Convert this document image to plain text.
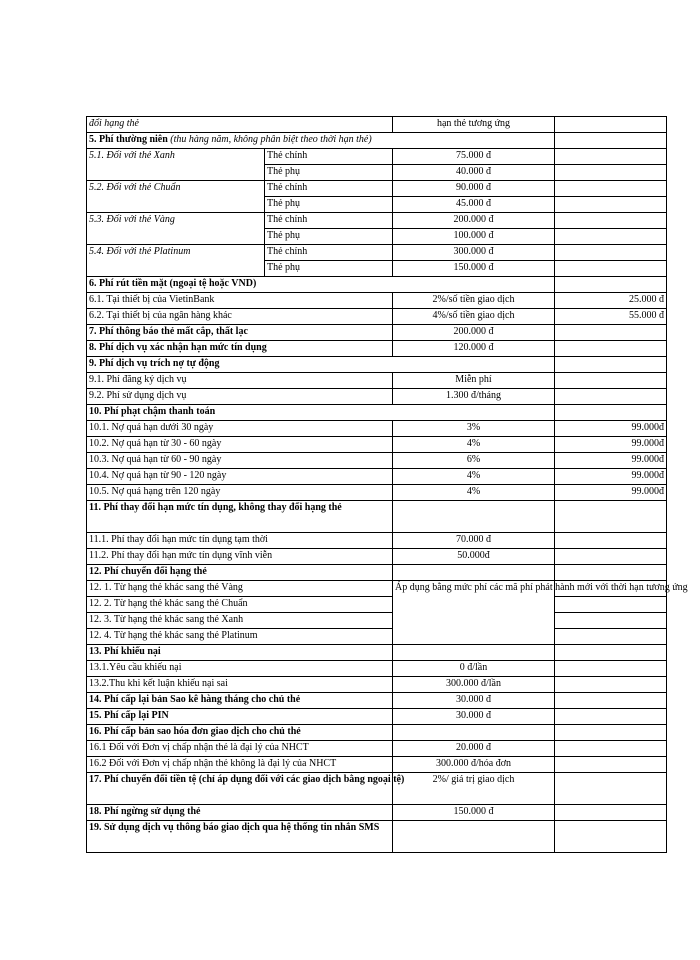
đổi hạng thẻ		hạn thẻ tương ứng	
5. Phí thường niên (thu hàng năm, không phân biệt theo thời hạn thẻ)			
5.1. Đối với thẻ Xanh	Thẻ chính	75.000 đ	
	Thẻ phụ	40.000 đ	
5.2. Đối với thẻ Chuẩn	Thẻ chính	90.000 đ	
	Thẻ phụ	45.000 đ	
5.3. Đối với thẻ Vàng	Thẻ chính	200.000 đ	
	Thẻ phụ	100.000 đ	
5.4. Đối với thẻ Platinum	Thẻ chính	300.000 đ	
	Thẻ phụ	150.000 đ	
6. Phí rút tiền mặt (ngoại tệ hoặc VND)			
6.1. Tại thiết bị của VietinBank		2%/số tiền giao dịch	25.000 đ
6.2. Tại thiết bị của ngân hàng khác		4%/số tiền giao dịch	55.000 đ
7. Phí thông báo thẻ mất cắp, thất lạc		200.000 đ	
8. Phí dịch vụ xác nhận hạn mức tín dụng		120.000 đ	
9. Phí dịch vụ trích nợ tự động			
9.1. Phí đăng ký dịch vụ		Miễn phí	
9.2. Phí sử dụng dịch vụ		1.300 đ/tháng	
10. Phí phạt chậm thanh toán			
10.1. Nợ quá hạn dưới 30 ngày		3%	99.000đ
10.2. Nợ quá hạn từ 30 - 60 ngày		4%	99.000đ
10.3. Nợ quá hạn từ 60 - 90 ngày		6%	99.000đ
10.4. Nợ quá hạn từ 90 - 120 ngày		4%	99.000đ
10.5. Nợ quá hạng trên 120 ngày		4%	99.000đ
11. Phí thay đổi hạn mức tín dụng, không thay đổi hạng thẻ			
11.1. Phí thay đổi hạn mức tín dụng tạm thời		70.000 đ	
11.2. Phí thay đổi hạn mức tín dụng vĩnh viễn		50.000đ	
12. Phí chuyển đổi hạng thẻ			
12. 1. Từ hạng thẻ khác sang thẻ Vàng		Áp dụng bằng mức phí các mã phí phát hành mới với thời hạn tương ứng	
12. 2. Từ hạng thẻ khác sang thẻ Chuẩn			
12. 3. Từ hạng thẻ khác sang thẻ Xanh			
12. 4. Từ hạng thẻ khác sang thẻ Platinum			
13. Phí khiếu nại			
13.1.Yêu cầu khiếu nại		0 đ/lần	
13.2.Thu khi kết luận khiếu nại sai		300.000 đ/lần	
14. Phí cấp lại bản Sao kê hàng tháng cho chủ thẻ		30.000 đ	
15. Phí cấp lại PIN		30.000 đ	
16. Phí cấp bản sao hóa đơn giao dịch cho chủ thẻ			
16.1 Đối với Đơn vị chấp nhận thẻ là đại lý của NHCT		20.000 đ	
16.2 Đối với Đơn vị chấp nhận thẻ không là đại lý của NHCT		300.000 đ/hóa đơn	
17. Phí chuyển đổi tiền tệ (chỉ áp dụng đối với các giao dịch bằng ngoại tệ)		2%/ giá trị giao dịch	
18. Phí ngừng sử dụng thẻ		150.000 đ	
19. Sử dụng dịch vụ thông báo giao dịch qua hệ thống tin nhắn SMS			
